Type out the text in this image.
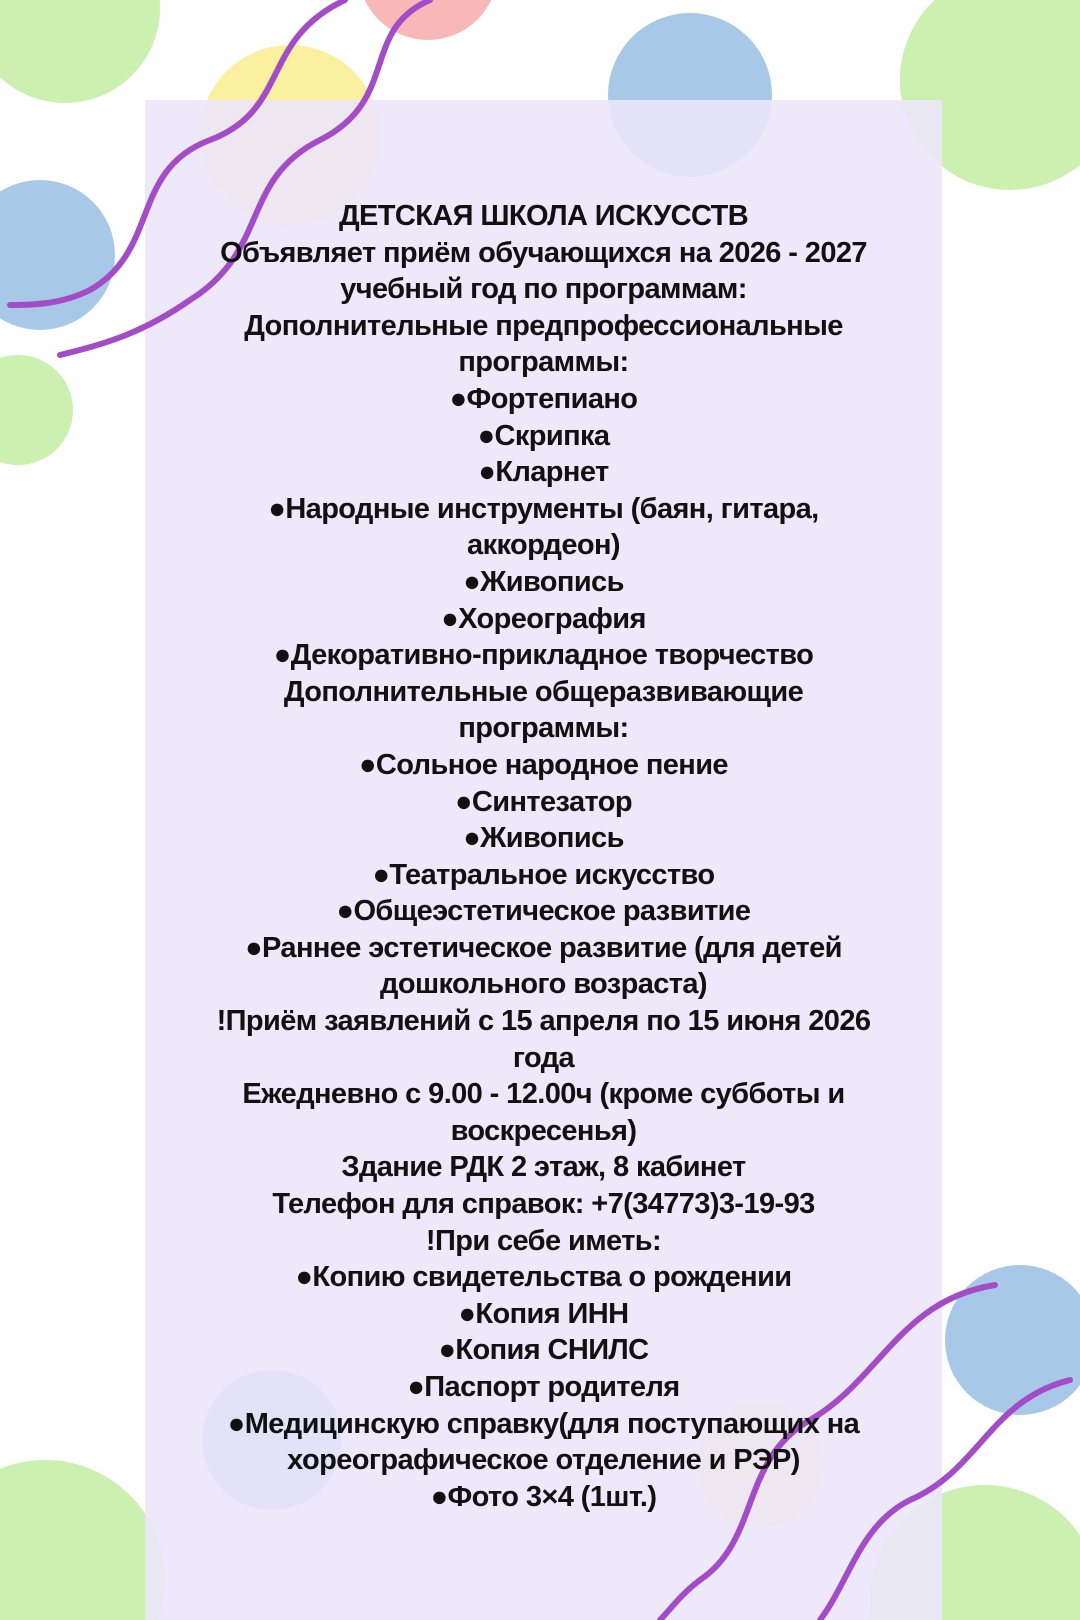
ДЕТСКАЯ ШКОЛА ИСКУССТВ
Объявляет приём обучающихся на 2026 - 2027
учебный год по программам:
Дополнительные предпрофессиональные
программы:
●Фортепиано
●Скрипка
●Кларнет
●Народные инструменты (баян, гитара,
аккордеон)
●Живопись
●Хореография
●Декоративно-прикладное творчество
Дополнительные общеразвивающие
программы:
●Сольное народное пение
●Синтезатор
●Живопись
●Театральное искусство
●Общеэстетическое развитие
●Раннее эстетическое развитие (для детей
дошкольного возраста)
!Приём заявлений с 15 апреля по 15 июня 2026
года
Ежедневно с 9.00 - 12.00ч (кроме субботы и
воскресенья)
Здание РДК 2 этаж, 8 кабинет
Телефон для справок: +7(34773)3-19-93
!При себе иметь:
●Копию свидетельства о рождении
●Копия ИНН
●Копия СНИЛС
●Паспорт родителя
●Медицинскую справку(для поступающих на
хореографическое отделение и РЭР)
●Фото 3×4 (1шт.)
